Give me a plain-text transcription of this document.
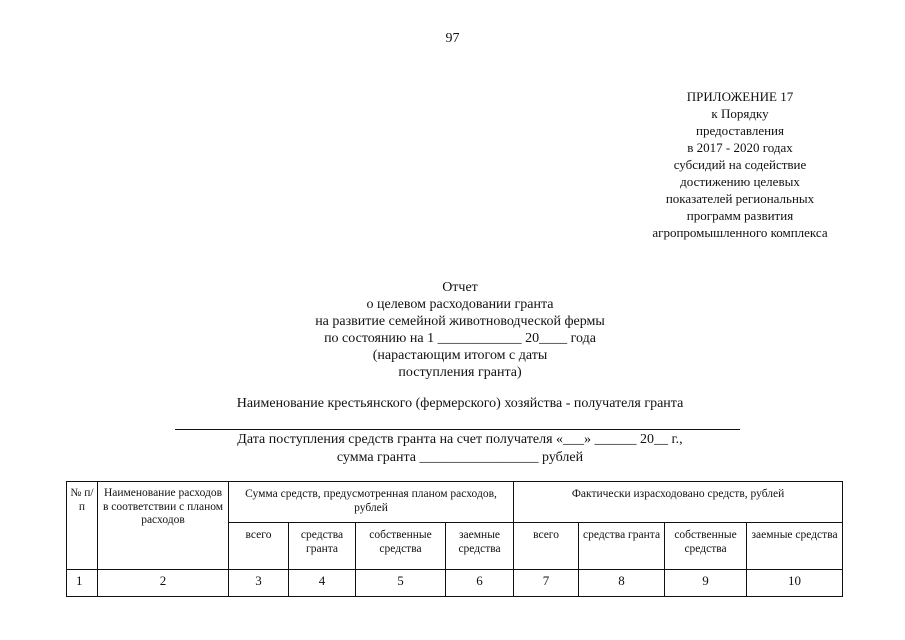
97
ПРИЛОЖЕНИЕ 17
к Порядку
предоставления
в 2017 - 2020 годах
субсидий на содействие
достижению целевых
показателей региональных
программ развития
агропромышленного комплекса
Отчет
о целевом расходовании гранта
на развитие семейной животноводческой фермы
по состоянию на 1 ____________ 20____ года
(нарастающим итогом с даты
поступления гранта)
Наименование крестьянского (фермерского) хозяйства - получателя гранта
Дата поступления средств гранта на счет получателя «___» ______ 20__ г.,
сумма гранта _________________ рублей
№ п/п	Наименование расходов в соответствии с планом расходов	Сумма средств, предусмотренная планом расходов, рублей				Фактически израсходовано средств, рублей			
		всего	средства гранта	собственные средства	заемные средства	всего	средства гранта	собственные средства	заемные средства
1	2	3	4	5	6	7	8	9	10
